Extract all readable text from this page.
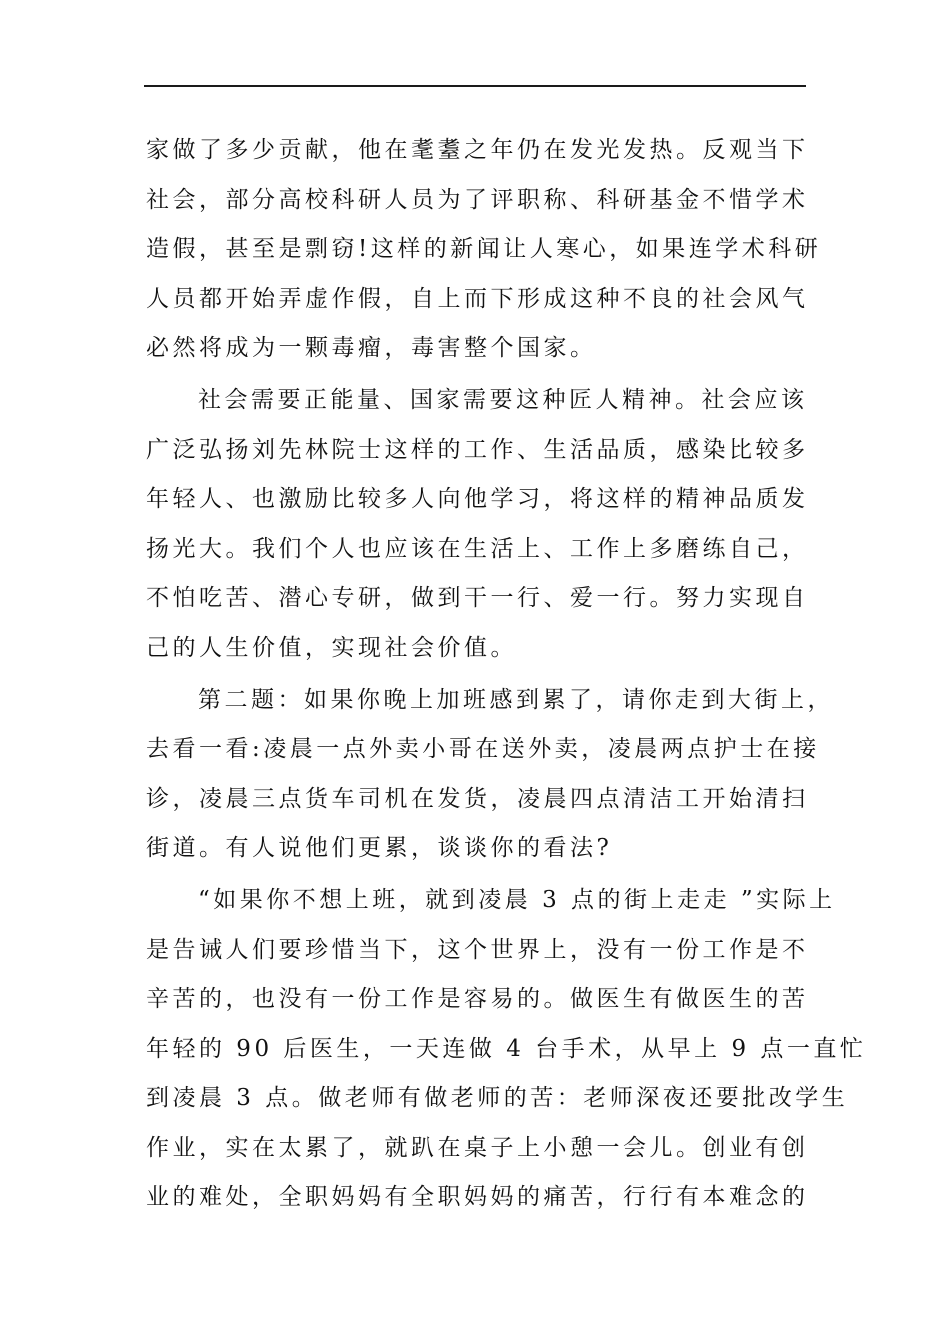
家做了多少贡献，他在耄耋之年仍在发光发热。反观当下
社会，部分高校科研人员为了评职称、科研基金不惜学术
造假，甚至是剽窃!这样的新闻让人寒心，如果连学术科研
人员都开始弄虚作假，自上而下形成这种不良的社会风气
必然将成为一颗毒瘤，毒害整个国家。
社会需要正能量、国家需要这种匠人精神。社会应该
广泛弘扬刘先林院士这样的工作、生活品质，感染比较多
年轻人、也激励比较多人向他学习，将这样的精神品质发
扬光大。我们个人也应该在生活上、工作上多磨练自己，
不怕吃苦、潜心专研，做到干一行、爱一行。努力实现自
己的人生价值，实现社会价值。
第二题：如果你晚上加班感到累了，请你走到大街上，
去看一看:凌晨一点外卖小哥在送外卖，凌晨两点护士在接
诊，凌晨三点货车司机在发货，凌晨四点清洁工开始清扫
街道。有人说他们更累，谈谈你的看法?
“如果你不想上班，就到凌晨 3 点的街上走走 ”实际上
是告诫人们要珍惜当下，这个世界上，没有一份工作是不
辛苦的，也没有一份工作是容易的。做医生有做医生的苦
年轻的 90 后医生，一天连做 4 台手术，从早上 9 点一直忙
到凌晨 3 点。做老师有做老师的苦：老师深夜还要批改学生
作业，实在太累了，就趴在桌子上小憩一会儿。创业有创
业的难处，全职妈妈有全职妈妈的痛苦，行行有本难念的
